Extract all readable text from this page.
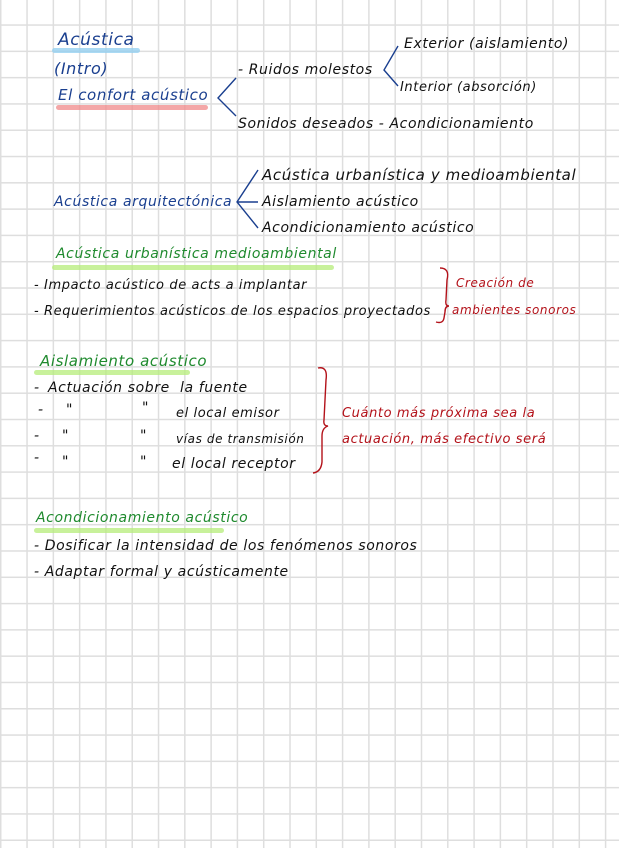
Acústica
(Intro)
El confort acústico
- Ruidos molestos
Exterior (aislamiento)
Interior (absorción)
Sonidos deseados - Acondicionamiento
Acústica arquitectónica
Acústica urbanística y medioambiental
Aislamiento acústico
Acondicionamiento acústico
Acústica urbanística medioambiental
- Impacto acústico de acts a implantar
- Requerimientos acústicos de los espacios proyectados
Creación de
ambientes sonoros
Aislamiento acústico
- Actuación sobre la fuente
- "	" el local emisor
- "	" vías de transmisión
- "	" el local receptor
Cuánto más próxima sea la
actuación, más efectivo será
Acondicionamiento acústico
- Dosificar la intensidad de los fenómenos sonoros
- Adaptar formal y acústicamente
